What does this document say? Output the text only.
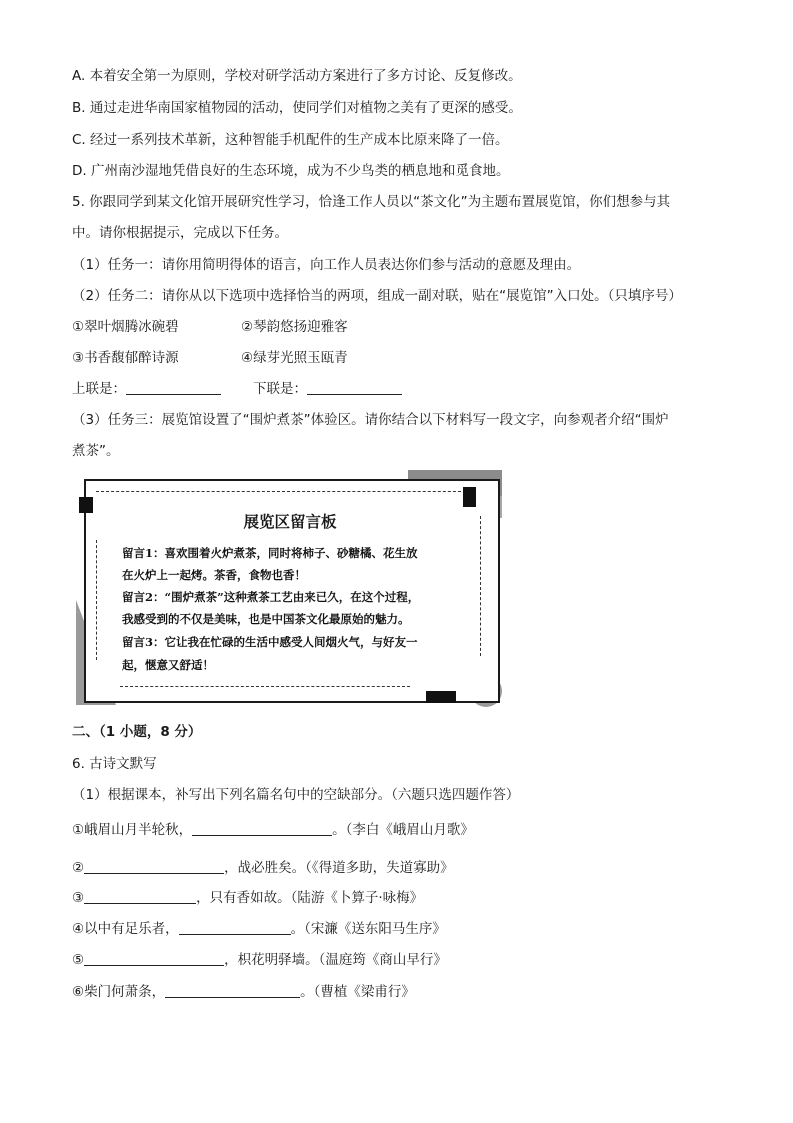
A. 本着安全第一为原则，学校对研学活动方案进行了多方讨论、反复修改。
B. 通过走进华南国家植物园的活动，使同学们对植物之美有了更深的感受。
C. 经过一系列技术革新，这种智能手机配件的生产成本比原来降了一倍。
D. 广州南沙湿地凭借良好的生态环境，成为不少鸟类的栖息地和觅食地。
5. 你跟同学到某文化馆开展研究性学习，恰逢工作人员以“茶文化”为主题布置展览馆，你们想参与其
中。请你根据提示，完成以下任务。
（1）任务一：请你用简明得体的语言，向工作人员表达你们参与活动的意愿及理由。
（2）任务二：请你从以下选项中选择恰当的两项，组成一副对联，贴在“展览馆”入口处。（只填序号）
①翠叶烟腾冰碗碧	②琴韵悠扬迎雅客
③书香馥郁醉诗源	④绿芽光照玉瓯青
上联是：	下联是：
（3）任务三：展览馆设置了“围炉煮茶”体验区。请你结合以下材料写一段文字，向参观者介绍“围炉
煮茶”。
展览区留言板
留言1：喜欢围着火炉煮茶，同时将柿子、砂糖橘、花生放
在火炉上一起烤。茶香，食物也香！
留言2：“围炉煮茶”这种煮茶工艺由来已久，在这个过程，
我感受到的不仅是美味，也是中国茶文化最原始的魅力。
留言3：它让我在忙碌的生活中感受人间烟火气，与好友一
起，惬意又舒适！
二、（1 小题，8 分）
6. 古诗文默写
（1）根据课本，补写出下列名篇名句中的空缺部分。（六题只选四题作答）
①峨眉山月半轮秋，	。（李白《峨眉山月歌》
②	，战必胜矣。（《得道多助，失道寡助》
③	，只有香如故。（陆游《卜算子·咏梅》
④以中有足乐者，	。（宋濂《送东阳马生序》
⑤	，枳花明驿墙。（温庭筠《商山早行》
⑥柴门何萧条，	。（曹植《梁甫行》
